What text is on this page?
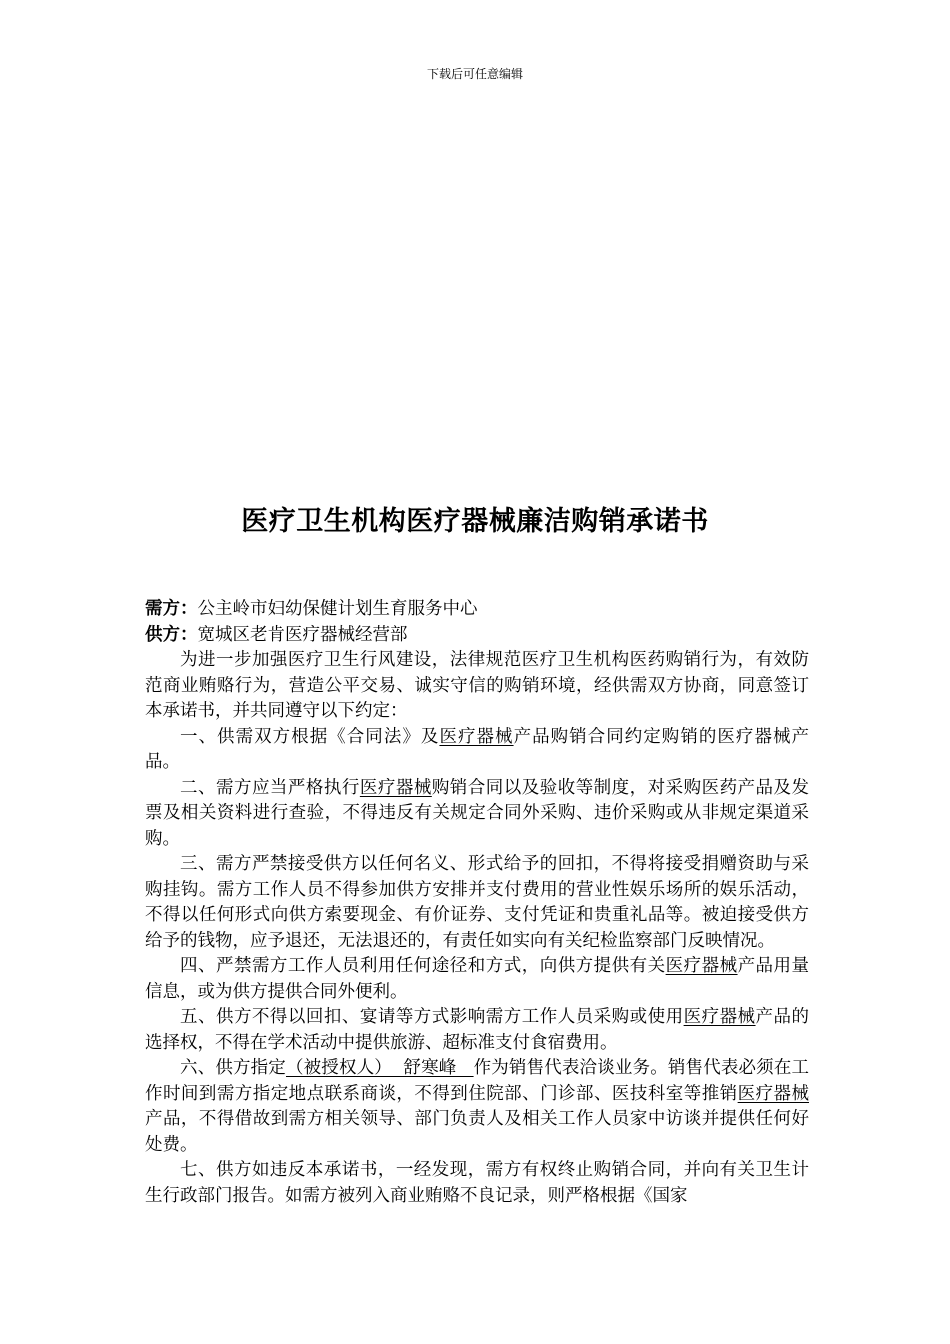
下载后可任意编辑
医疗卫生机构医疗器械廉洁购销承诺书

需方：公主岭市妇幼保健计划生育服务中心

供方：宽城区老肯医疗器械经营部

为进一步加强医疗卫生行风建设，法律规范医疗卫生机构医药购销行为，有效防范商业贿赂行为，营造公平交易、诚实守信的购销环境，经供需双方协商，同意签订本承诺书，并共同遵守以下约定：

一、供需双方根据《合同法》及医疗器械产品购销合同约定购销的医疗器械产品。

二、需方应当严格执行医疗器械购销合同以及验收等制度，对采购医药产品及发票及相关资料进行查验，不得违反有关规定合同外采购、违价采购或从非规定渠道采购。

三、需方严禁接受供方以任何名义、形式给予的回扣，不得将接受捐赠资助与采购挂钩。需方工作人员不得参加供方安排并支付费用的营业性娱乐场所的娱乐活动，不得以任何形式向供方索要现金、有价证券、支付凭证和贵重礼品等。被迫接受供方给予的钱物，应予退还，无法退还的，有责任如实向有关纪检监察部门反映情况。

四、严禁需方工作人员利用任何途径和方式，向供方提供有关医疗器械产品用量信息，或为供方提供合同外便利。

五、供方不得以回扣、宴请等方式影响需方工作人员采购或使用医疗器械产品的选择权，不得在学术活动中提供旅游、超标准支付食宿费用。

六、供方指定（被授权人）  舒寒峰   作为销售代表洽谈业务。销售代表必须在工作时间到需方指定地点联系商谈，不得到住院部、门诊部、医技科室等推销医疗器械产品，不得借故到需方相关领导、部门负责人及相关工作人员家中访谈并提供任何好处费。

七、供方如违反本承诺书，一经发现，需方有权终止购销合同，并向有关卫生计生行政部门报告。如需方被列入商业贿赂不良记录，则严格根据《国家
